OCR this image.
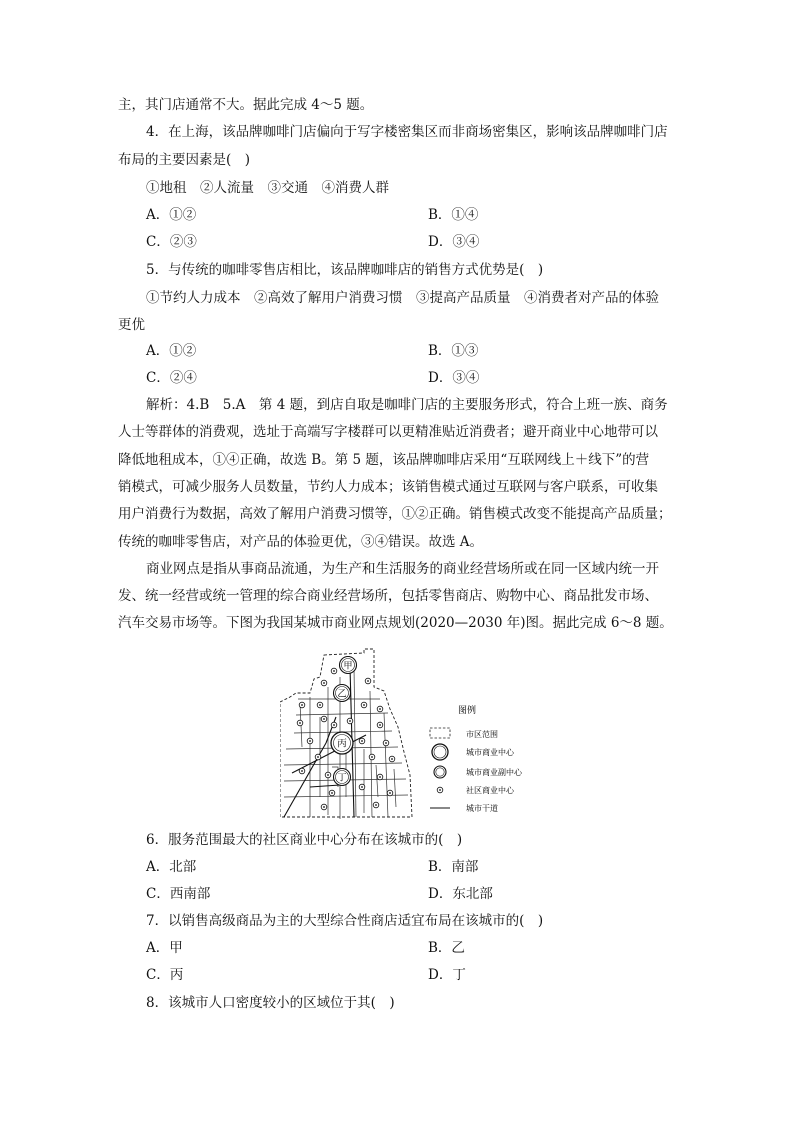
主，其门店通常不大。据此完成 4～5 题。
4．在上海，该品牌咖啡门店偏向于写字楼密集区而非商场密集区，影响该品牌咖啡门店
布局的主要因素是(　)
①地租　②人流量　③交通　④消费人群
A．①②	B．①④
C．②③	D．③④
5．与传统的咖啡零售店相比，该品牌咖啡店的销售方式优势是(　)
①节约人力成本　②高效了解用户消费习惯　③提高产品质量　④消费者对产品的体验
更优
A．①②	B．①③
C．②④	D．③④
解析：4.B　5.A　第 4 题，到店自取是咖啡门店的主要服务形式，符合上班一族、商务
人士等群体的消费观，选址于高端写字楼群可以更精准贴近消费者；避开商业中心地带可以
降低地租成本，①④正确，故选 B。第 5 题，该品牌咖啡店采用“互联网线上＋线下”的营
销模式，可减少服务人员数量，节约人力成本；该销售模式通过互联网与客户联系，可收集
用户消费行为数据，高效了解用户消费习惯等，①②正确。销售模式改变不能提高产品质量；
传统的咖啡零售店，对产品的体验更优，③④错误。故选 A。
商业网点是指从事商品流通，为生产和生活服务的商业经营场所或在同一区域内统一开
发、统一经营或统一管理的综合商业经营场所，包括零售商店、购物中心、商品批发市场、
汽车交易市场等。下图为我国某城市商业网点规划(2020—2030 年)图。据此完成 6～8 题。
甲
乙
丙
丁
图例
市区范围
城市商业中心
城市商业副中心
社区商业中心
城市干道
6．服务范围最大的社区商业中心分布在该城市的(　)
A．北部	B．南部
C．西南部	D．东北部
7．以销售高级商品为主的大型综合性商店适宜布局在该城市的(　)
A．甲	B．乙
C．丙	D．丁
8．该城市人口密度较小的区域位于其(　)
